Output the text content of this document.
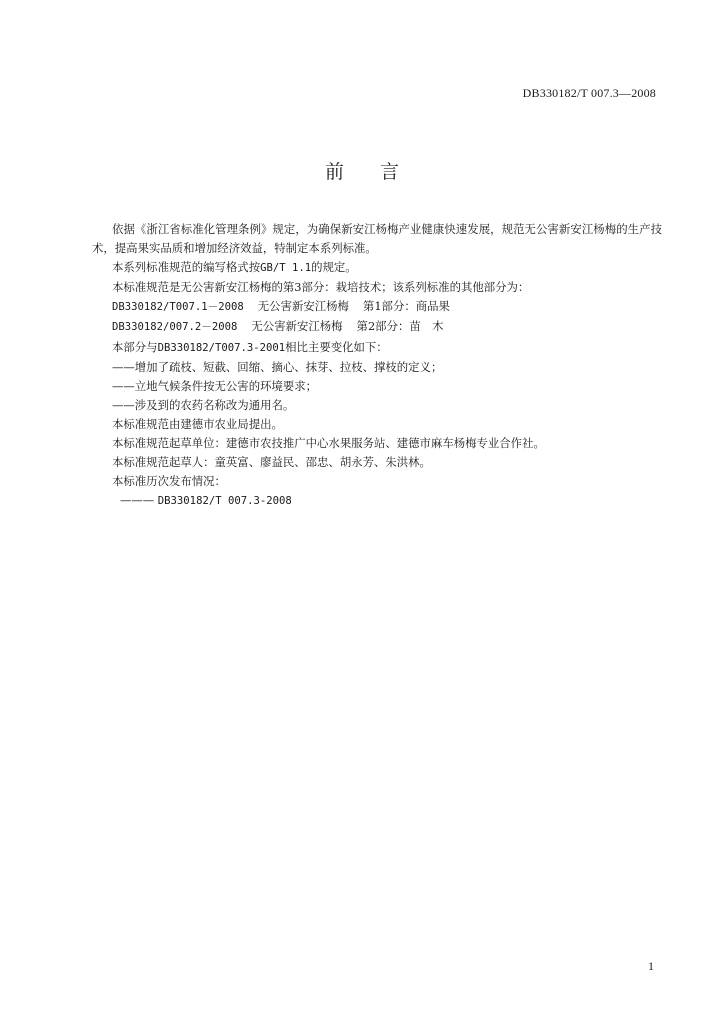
DB330182/T 007.3—2008
前 言

依据《浙江省标准化管理条例》规定，为确保新安江杨梅产业健康快速发展，规范无公害新安江杨梅的生产技术，提高果实品质和增加经济效益，特制定本系列标准。

本系列标准规范的编写格式按GB/T 1.1的规定。

本标准规范是无公害新安江杨梅的第3部分：栽培技术；该系列标准的其他部分为：

DB330182/T007.1－2008 无公害新安江杨梅 第1部分：商品果

DB330182/007.2－2008 无公害新安江杨梅 第2部分：苗　木

本部分与DB330182/T007.3-2001相比主要变化如下：

——增加了疏枝、短截、回缩、摘心、抹芽、拉枝、撑枝的定义；

——立地气候条件按无公害的环境要求；

——涉及到的农药名称改为通用名。

本标准规范由建德市农业局提出。

本标准规范起草单位：建德市农技推广中心水果服务站、建德市麻车杨梅专业合作社。

本标准规范起草人：童英富、廖益民、邵忠、胡永芳、朱洪林。

本标准历次发布情况：

——— DB330182/T 007.3-2008

1
